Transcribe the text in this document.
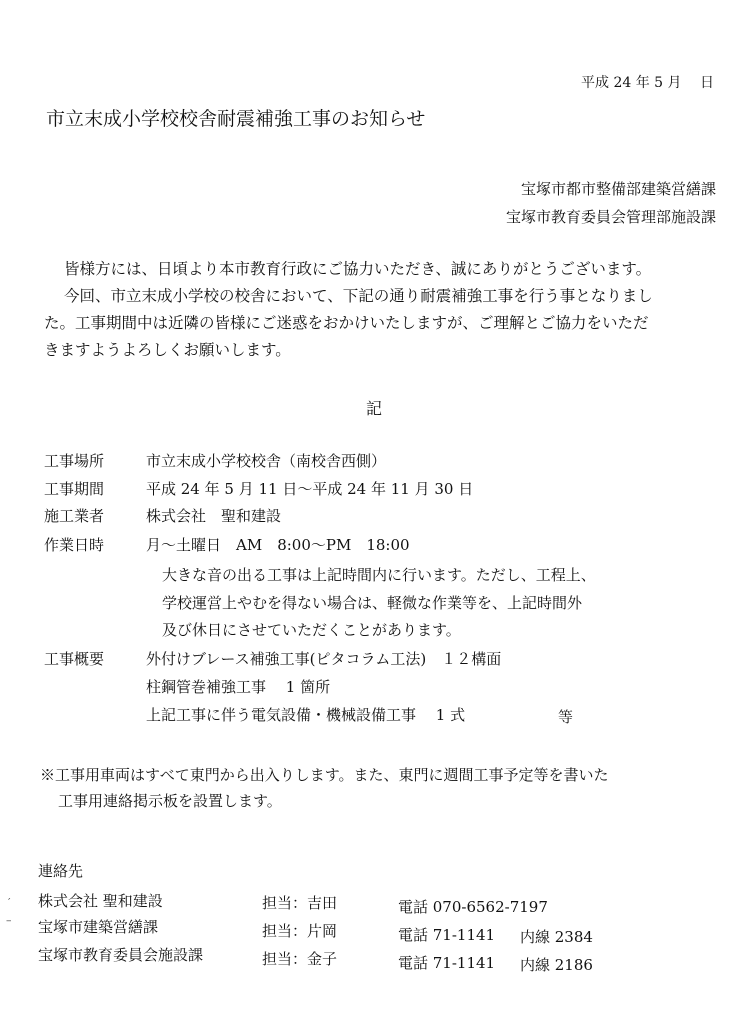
平成 24 年 5 月　 日
市立末成小学校校舎耐震補強工事のお知らせ
宝塚市都市整備部建築営繕課
宝塚市教育委員会管理部施設課
皆様方には、日頃より本市教育行政にご協力いただき、誠にありがとうございます。
今回、市立末成小学校の校舎において、下記の通り耐震補強工事を行う事となりまし
た。工事期間中は近隣の皆様にご迷惑をおかけいたしますが、ご理解とご協力をいただ
きますようよろしくお願いします。
記
工事場所	市立末成小学校校舎（南校舎西側）
工事期間	平成 24 年 5 月 11 日～平成 24 年 11 月 30 日
施工業者	株式会社　聖和建設
作業日時	月～土曜日　AM　8:00～PM　18:00
大きな音の出る工事は上記時間内に行います。ただし、工程上、
学校運営上やむを得ない場合は、軽微な作業等を、上記時間外
及び休日にさせていただくことがあります。
工事概要	外付けブレース補強工事(ピタコラム工法)　１２構面
柱鋼管巻補強工事　 1 箇所
上記工事に伴う電気設備・機械設備工事　 1 式	等
※工事用車両はすべて東門から出入りします。また、東門に週間工事予定等を書いた
工事用連絡掲示板を設置します。
連絡先
株式会社 聖和建設	担当：吉田	電話 070-6562-7197
宝塚市建築営繕課	担当：片岡	電話 71-1141 内線 2384
宝塚市教育委員会施設課	担当：金子	電話 71-1141 内線 2186
′
–
